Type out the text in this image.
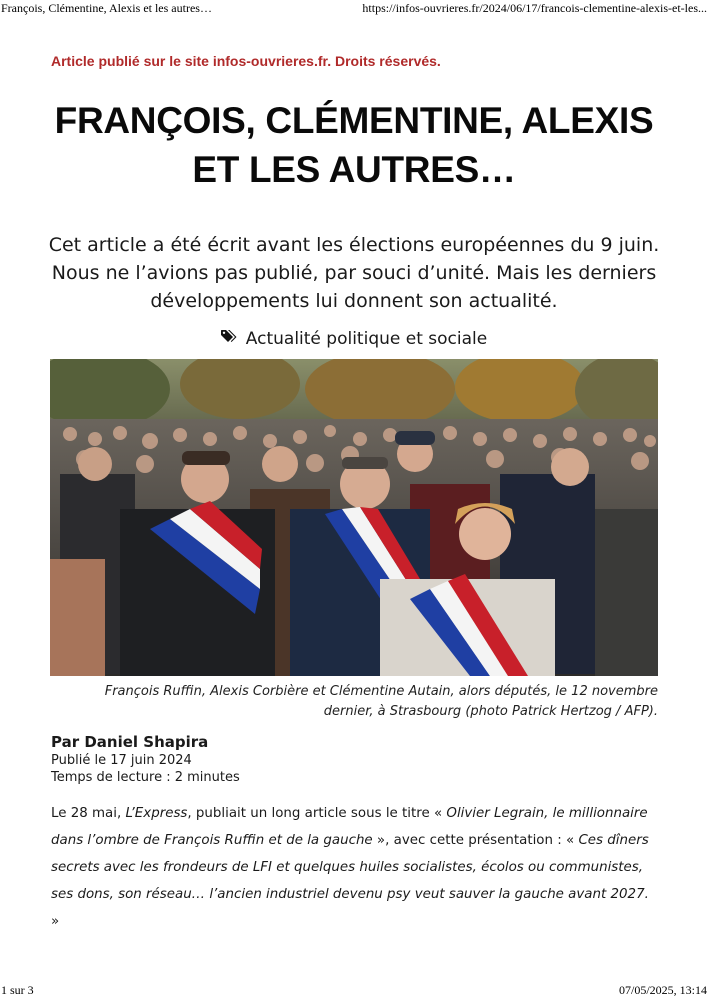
François, Clémentine, Alexis et les autres…	https://infos-ouvrieres.fr/2024/06/17/francois-clementine-alexis-et-les...
Article publié sur le site infos-ouvrieres.fr. Droits réservés.
FRANÇOIS, CLÉMENTINE, ALEXIS
ET LES AUTRES…

Cet article a été écrit avant les élections européennes du 9 juin. Nous ne l’avions pas publié, par souci d’unité. Mais les derniers développements lui donnent son actualité.

Actualité politique et sociale
François Ruffin, Alexis Corbière et Clémentine Autain, alors députés, le 12 novembre dernier, à Strasbourg (photo Patrick Hertzog / AFP).
Par Daniel Shapira
Publié le 17 juin 2024
Temps de lecture : 2 minutes

Le 28 mai, L’Express, publiait un long article sous le titre « Olivier Legrain, le millionnaire dans l’ombre de François Ruffin et de la gauche », avec cette présentation : « Ces dîners secrets avec les frondeurs de LFI et quelques huiles socialistes, écolos ou communistes, ses dons, son réseau… l’ancien industriel devenu psy veut sauver la gauche avant 2027. »

1 sur 3	07/05/2025, 13:14
